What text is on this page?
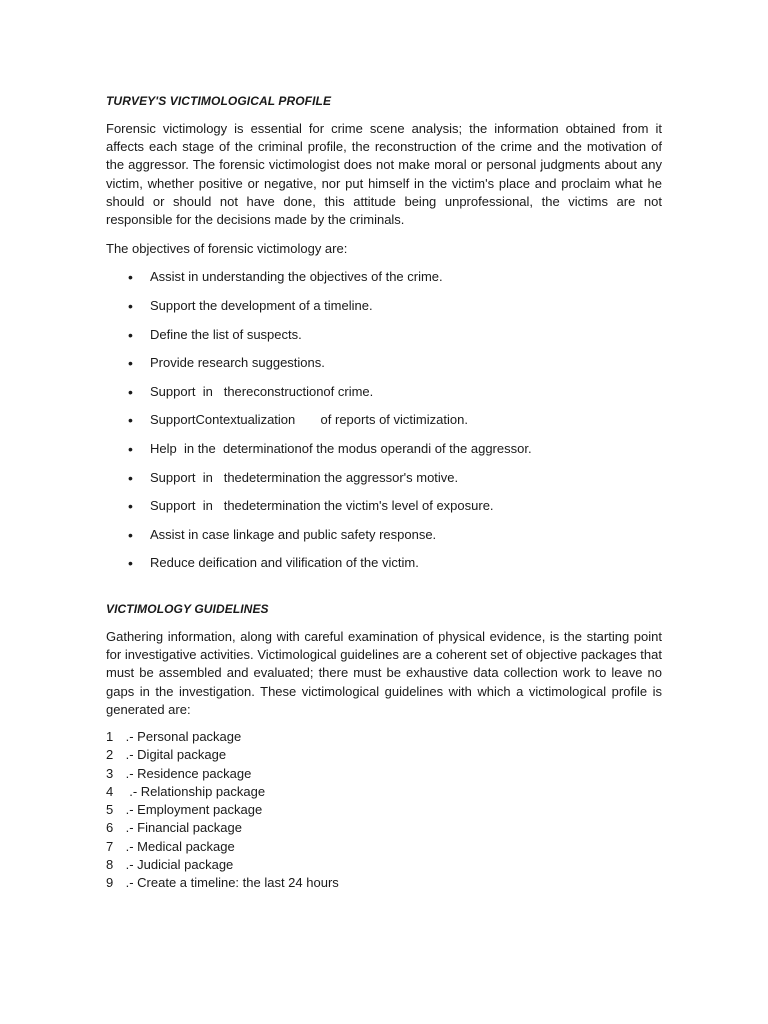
TURVEY'S VICTIMOLOGICAL PROFILE

Forensic victimology is essential for crime scene analysis; the information obtained from it affects each stage of the criminal profile, the reconstruction of the crime and the motivation of the aggressor. The forensic victimologist does not make moral or personal judgments about any victim, whether positive or negative, nor put himself in the victim's place and proclaim what he should or should not have done, this attitude being unprofessional, the victims are not responsible for the decisions made by the criminals.

The objectives of forensic victimology are:

• Assist in understanding the objectives of the crime.
• Support the development of a timeline.
• Define the list of suspects.
• Provide research suggestions.
• Support  in   thereconstructionof crime.
• SupportContextualization       of reports of victimization.
• Help  in the  determinationof the modus operandi of the aggressor.
• Support  in   thedetermination the aggressor's motive.
• Support  in   thedetermination the victim's level of exposure.
• Assist in case linkage and public safety response.
• Reduce deification and vilification of the victim.
VICTIMOLOGY GUIDELINES

Gathering information, along with careful examination of physical evidence, is the starting point for investigative activities. Victimological guidelines are a coherent set of objective packages that must be assembled and evaluated; there must be exhaustive data collection work to leave no gaps in the investigation. These victimological guidelines with which a victimological profile is generated are:

1 .- Personal package
2 .- Digital package
3 .- Residence package
4  .- Relationship package
5 .- Employment package
6 .- Financial package
7 .- Medical package
8 .- Judicial package
9 .- Create a timeline: the last 24 hours
